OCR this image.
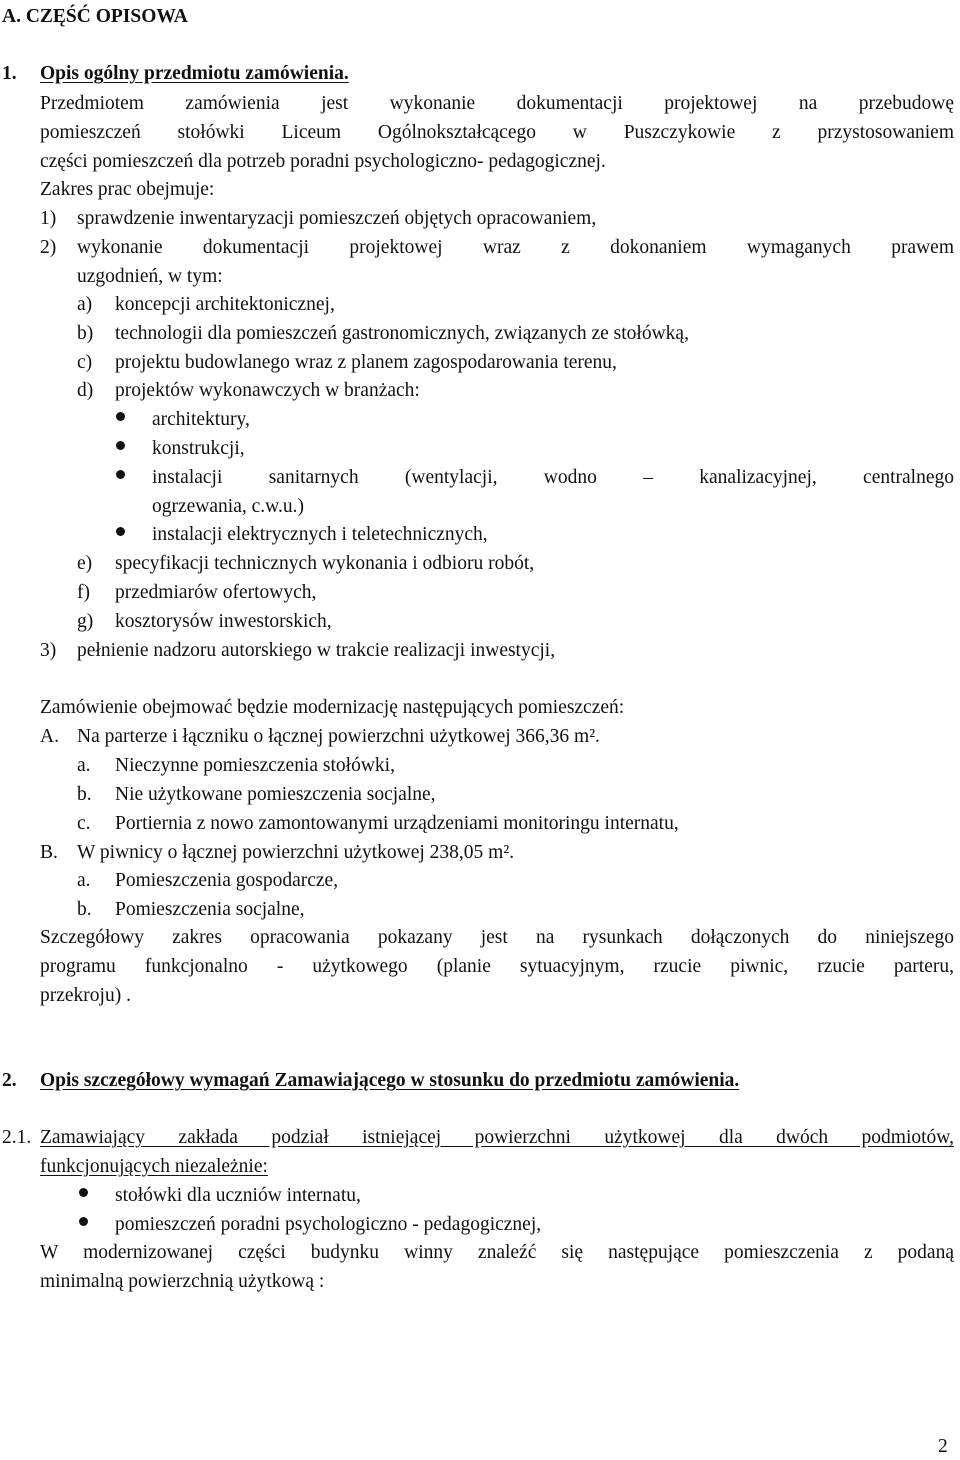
A. CZĘŚĆ OPISOWA
1. Opis ogólny przedmiotu zamówienia.
Przedmiotem zamówienia jest wykonanie dokumentacji projektowej na przebudowę
pomieszczeń stołówki Liceum Ogólnokształcącego w Puszczykowie z przystosowaniem
części pomieszczeń dla potrzeb poradni psychologiczno- pedagogicznej.
Zakres prac obejmuje:
1) sprawdzenie inwentaryzacji pomieszczeń objętych opracowaniem,
2) wykonanie dokumentacji projektowej wraz z dokonaniem wymaganych prawem
uzgodnień, w tym:
a) koncepcji architektonicznej,
b) technologii dla pomieszczeń gastronomicznych, związanych ze stołówką,
c) projektu budowlanego wraz z planem zagospodarowania terenu,
d) projektów wykonawczych w branżach:
architektury,
konstrukcji,
instalacji sanitarnych (wentylacji, wodno – kanalizacyjnej, centralnego
ogrzewania, c.w.u.)
instalacji elektrycznych i teletechnicznych,
e) specyfikacji technicznych wykonania i odbioru robót,
f) przedmiarów ofertowych,
g) kosztorysów inwestorskich,
3) pełnienie nadzoru autorskiego w trakcie realizacji inwestycji,
Zamówienie obejmować będzie modernizację następujących pomieszczeń:
A. Na parterze i łączniku o łącznej powierzchni użytkowej 366,36 m².
a. Nieczynne pomieszczenia stołówki,
b. Nie użytkowane pomieszczenia socjalne,
c. Portiernia z nowo zamontowanymi urządzeniami monitoringu internatu,
B. W piwnicy o łącznej powierzchni użytkowej 238,05 m².
a. Pomieszczenia gospodarcze,
b. Pomieszczenia socjalne,
Szczegółowy zakres opracowania pokazany jest na rysunkach dołączonych do niniejszego
programu funkcjonalno - użytkowego (planie sytuacyjnym, rzucie piwnic, rzucie parteru,
przekroju) .
2. Opis szczegółowy wymagań Zamawiającego w stosunku do przedmiotu zamówienia.
2.1. Zamawiający zakłada podział istniejącej powierzchni użytkowej dla dwóch podmiotów,
funkcjonujących niezależnie:
stołówki dla uczniów internatu,
pomieszczeń poradni psychologiczno - pedagogicznej,
W modernizowanej części budynku winny znaleźć się następujące pomieszczenia z podaną
minimalną powierzchnią użytkową :
2
